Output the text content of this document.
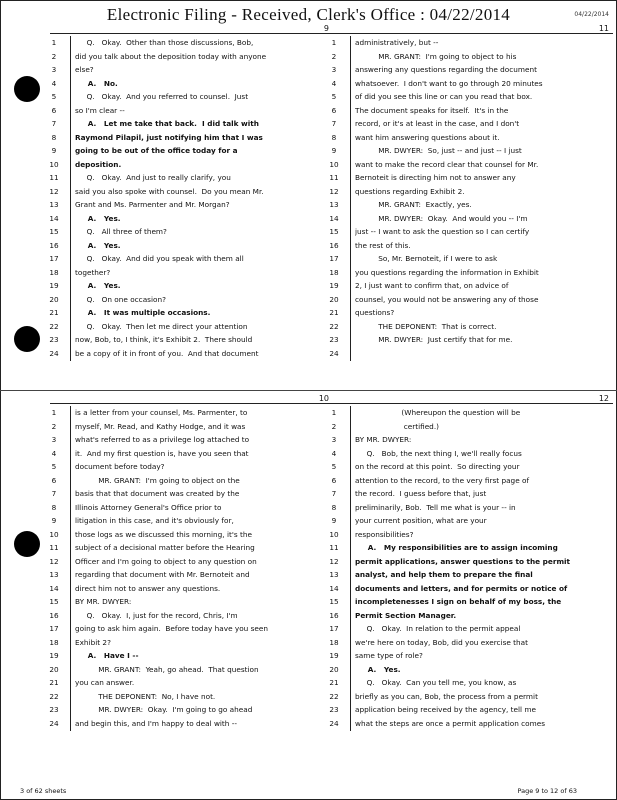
Electronic Filing - Received, Clerk's Office : 04/22/2014	04/22/2014
9
1	Q.   Okay.  Other than those discussions, Bob,
2	did you talk about the deposition today with anyone
3	else?
4	A.   No.
5	Q.   Okay.  And you referred to counsel.  Just
6	so I'm clear --
7	A.   Let me take that back.  I did talk with
8	Raymond Pilapil, just notifying him that I was
9	going to be out of the office today for a
10	deposition.
11	Q.   Okay.  And just to really clarify, you
12	said you also spoke with counsel.  Do you mean Mr.
13	Grant and Ms. Parmenter and Mr. Morgan?
14	A.   Yes.
15	Q.   All three of them?
16	A.   Yes.
17	Q.   Okay.  And did you speak with them all
18	together?
19	A.   Yes.
20	Q.   On one occasion?
21	A.   It was multiple occasions.
22	Q.   Okay.  Then let me direct your attention
23	now, Bob, to, I think, it's Exhibit 2.  There should
24	be a copy of it in front of you.  And that document
11
1	administratively, but --
2	MR. GRANT:  I'm going to object to his
3	answering any questions regarding the document
4	whatsoever.  I don't want to go through 20 minutes
5	of did you see this line or can you read that box.
6	The document speaks for itself.  It's in the
7	record, or it's at least in the case, and I don't
8	want him answering questions about it.
9	MR. DWYER:  So, just -- and just -- I just
10	want to make the record clear that counsel for Mr.
11	Bernoteit is directing him not to answer any
12	questions regarding Exhibit 2.
13	MR. GRANT:  Exactly, yes.
14	MR. DWYER:  Okay.  And would you -- I'm
15	just -- I want to ask the question so I can certify
16	the rest of this.
17	So, Mr. Bernoteit, if I were to ask
18	you questions regarding the information in Exhibit
19	2, I just want to confirm that, on advice of
20	counsel, you would not be answering any of those
21	questions?
22	THE DEPONENT:  That is correct.
23	MR. DWYER:  Just certify that for me.
24
10
1	is a letter from your counsel, Ms. Parmenter, to
2	myself, Mr. Read, and Kathy Hodge, and it was
3	what's referred to as a privilege log attached to
4	it.  And my first question is, have you seen that
5	document before today?
6	MR. GRANT:  I'm going to object on the
7	basis that that document was created by the
8	Illinois Attorney General's Office prior to
9	litigation in this case, and it's obviously for,
10	those logs as we discussed this morning, it's the
11	subject of a decisional matter before the Hearing
12	Officer and I'm going to object to any question on
13	regarding that document with Mr. Bernoteit and
14	direct him not to answer any questions.
15	BY MR. DWYER:
16	Q.   Okay.  I, just for the record, Chris, I'm
17	going to ask him again.  Before today have you seen
18	Exhibit 2?
19	A.   Have I --
20	MR. GRANT:  Yeah, go ahead.  That question
21	you can answer.
22	THE DEPONENT:  No, I have not.
23	MR. DWYER:  Okay.  I'm going to go ahead
24	and begin this, and I'm happy to deal with --
12
1	(Whereupon the question will be
2	certified.)
3	BY MR. DWYER:
4	Q.   Bob, the next thing I, we'll really focus
5	on the record at this point.  So directing your
6	attention to the record, to the very first page of
7	the record.  I guess before that, just
8	preliminarily, Bob.  Tell me what is your -- in
9	your current position, what are your
10	responsibilities?
11	A.   My responsibilities are to assign incoming
12	permit applications, answer questions to the permit
13	analyst, and help them to prepare the final
14	documents and letters, and for permits or notice of
15	incompletenesses I sign on behalf of my boss, the
16	Permit Section Manager.
17	Q.   Okay.  In relation to the permit appeal
18	we're here on today, Bob, did you exercise that
19	same type of role?
20	A.   Yes.
21	Q.   Okay.  Can you tell me, you know, as
22	briefly as you can, Bob, the process from a permit
23	application being received by the agency, tell me
24	what the steps are once a permit application comes
3 of 62 sheets	Page 9 to 12 of 63
